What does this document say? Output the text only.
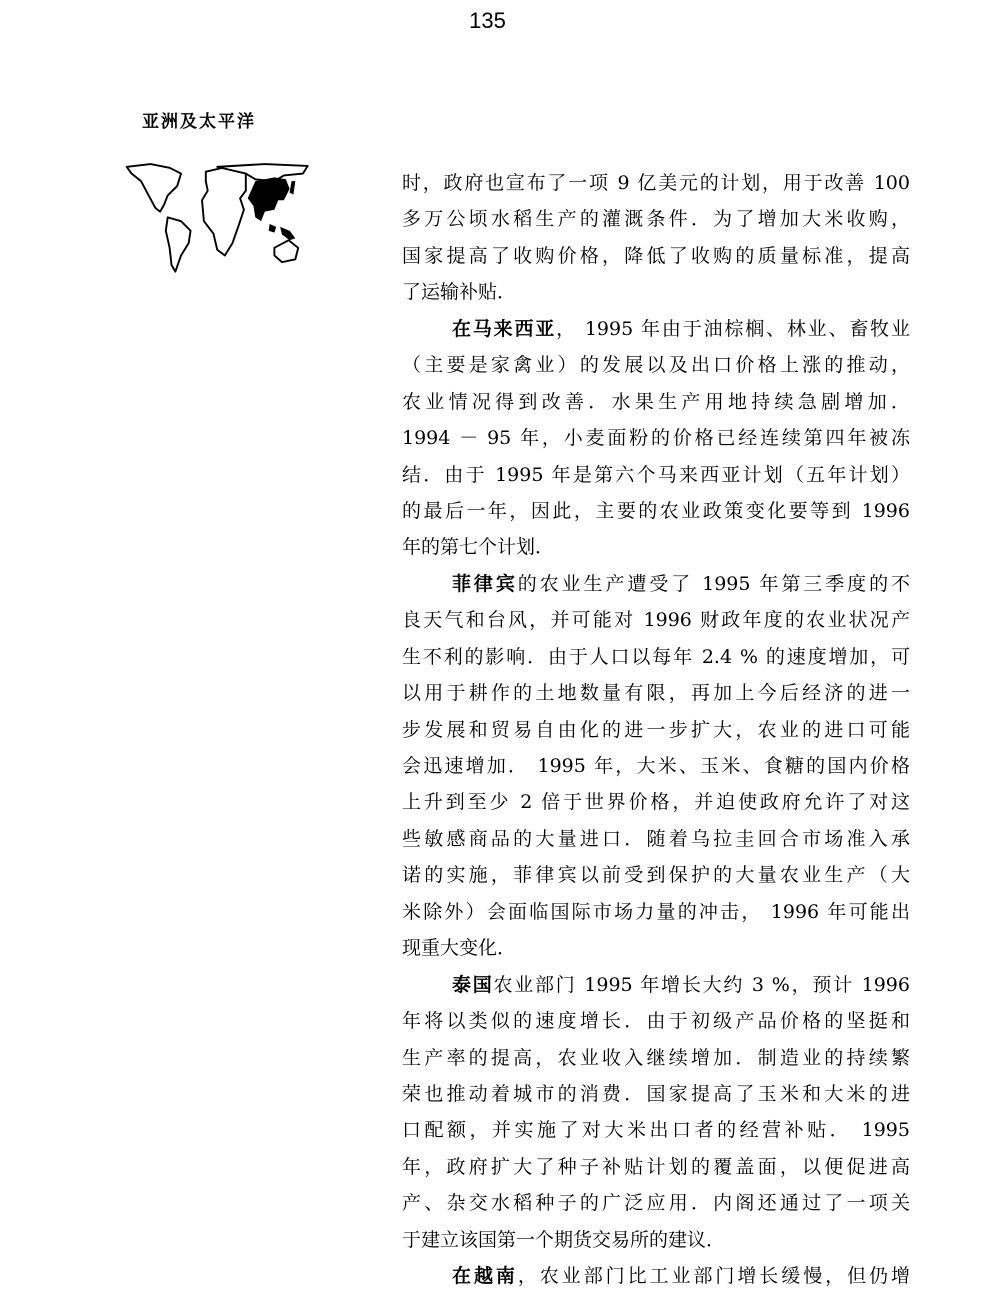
135
亚洲及太平洋
时，政府也宣布了一项 9 亿美元的计划，用于改善 100
多万公顷水稻生产的灌溉条件．为了增加大米收购，
国家提高了收购价格，降低了收购的质量标准，提高
了运输补贴．
在马来西亚， 1995 年由于油棕榈、林业、畜牧业
（主要是家禽业）的发展以及出口价格上涨的推动，
农业情况得到改善．水果生产用地持续急剧增加．
1994 － 95 年，小麦面粉的价格已经连续第四年被冻
结．由于 1995 年是第六个马来西亚计划（五年计划）
的最后一年，因此，主要的农业政策变化要等到 1996
年的第七个计划．
菲律宾的农业生产遭受了 1995 年第三季度的不
良天气和台风，并可能对 1996 财政年度的农业状况产
生不利的影响．由于人口以每年 2.4 % 的速度增加，可
以用于耕作的土地数量有限，再加上今后经济的进一
步发展和贸易自由化的进一步扩大，农业的进口可能
会迅速增加． 1995 年，大米、玉米、食糖的国内价格
上升到至少 2 倍于世界价格，并迫使政府允许了对这
些敏感商品的大量进口．随着乌拉圭回合市场准入承
诺的实施，菲律宾以前受到保护的大量农业生产（大
米除外）会面临国际市场力量的冲击， 1996 年可能出
现重大变化．
泰国农业部门 1995 年增长大约 3 %，预计 1996
年将以类似的速度增长．由于初级产品价格的坚挺和
生产率的提高，农业收入继续增加．制造业的持续繁
荣也推动着城市的消费．国家提高了玉米和大米的进
口配额，并实施了对大米出口者的经营补贴． 1995
年，政府扩大了种子补贴计划的覆盖面，以便促进高
产、杂交水稻种子的广泛应用．内阁还通过了一项关
于建立该国第一个期货交易所的建议．
在越南，农业部门比工业部门增长缓慢，但仍增
